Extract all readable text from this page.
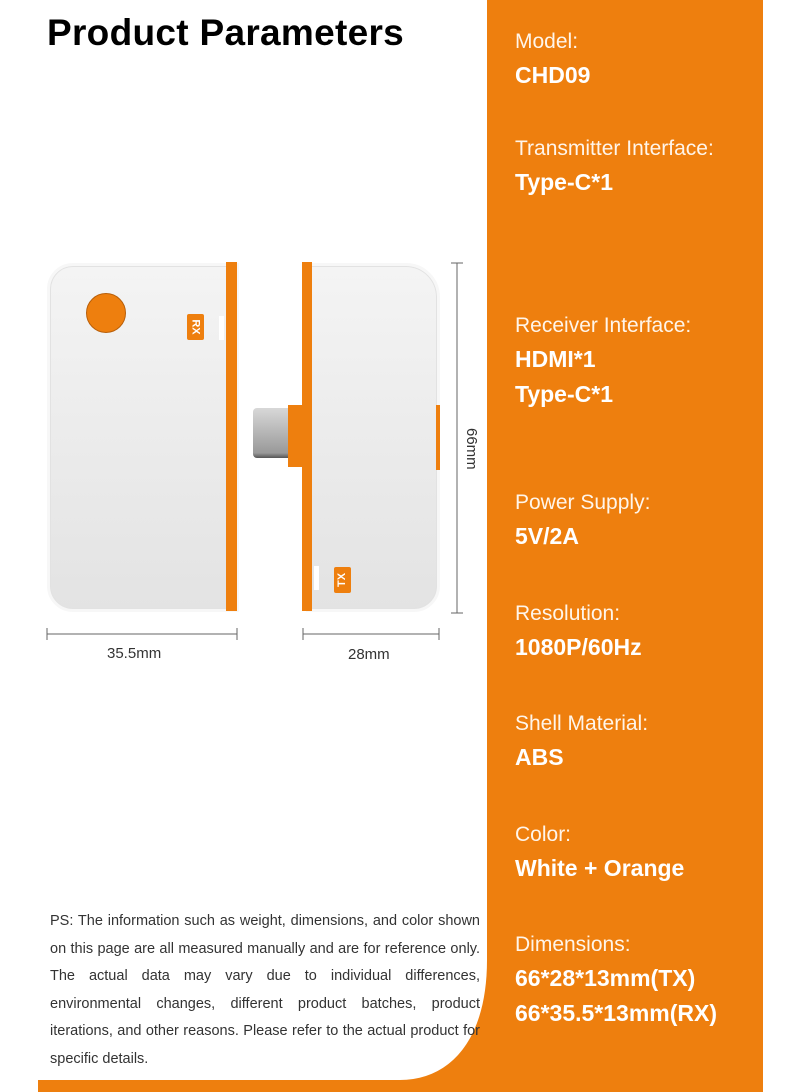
Product Parameters
RX
TX
35.5mm	28mm
66mm
Model:
CHD09
Transmitter Interface:
Type-C*1
Receiver Interface:
HDMI*1
Type-C*1
Power Supply:
5V/2A
Resolution:
1080P/60Hz
Shell Material:
ABS
Color:
White + Orange
Dimensions:
66*28*13mm(TX)
66*35.5*13mm(RX)
PS: The information such as weight, dimensions, and color shown on this page are all measured manually and are for reference only. The actual data may vary due to individual differences, environmental changes, different product batches, product iterations, and other reasons. Please refer to the actual product for specific details.
